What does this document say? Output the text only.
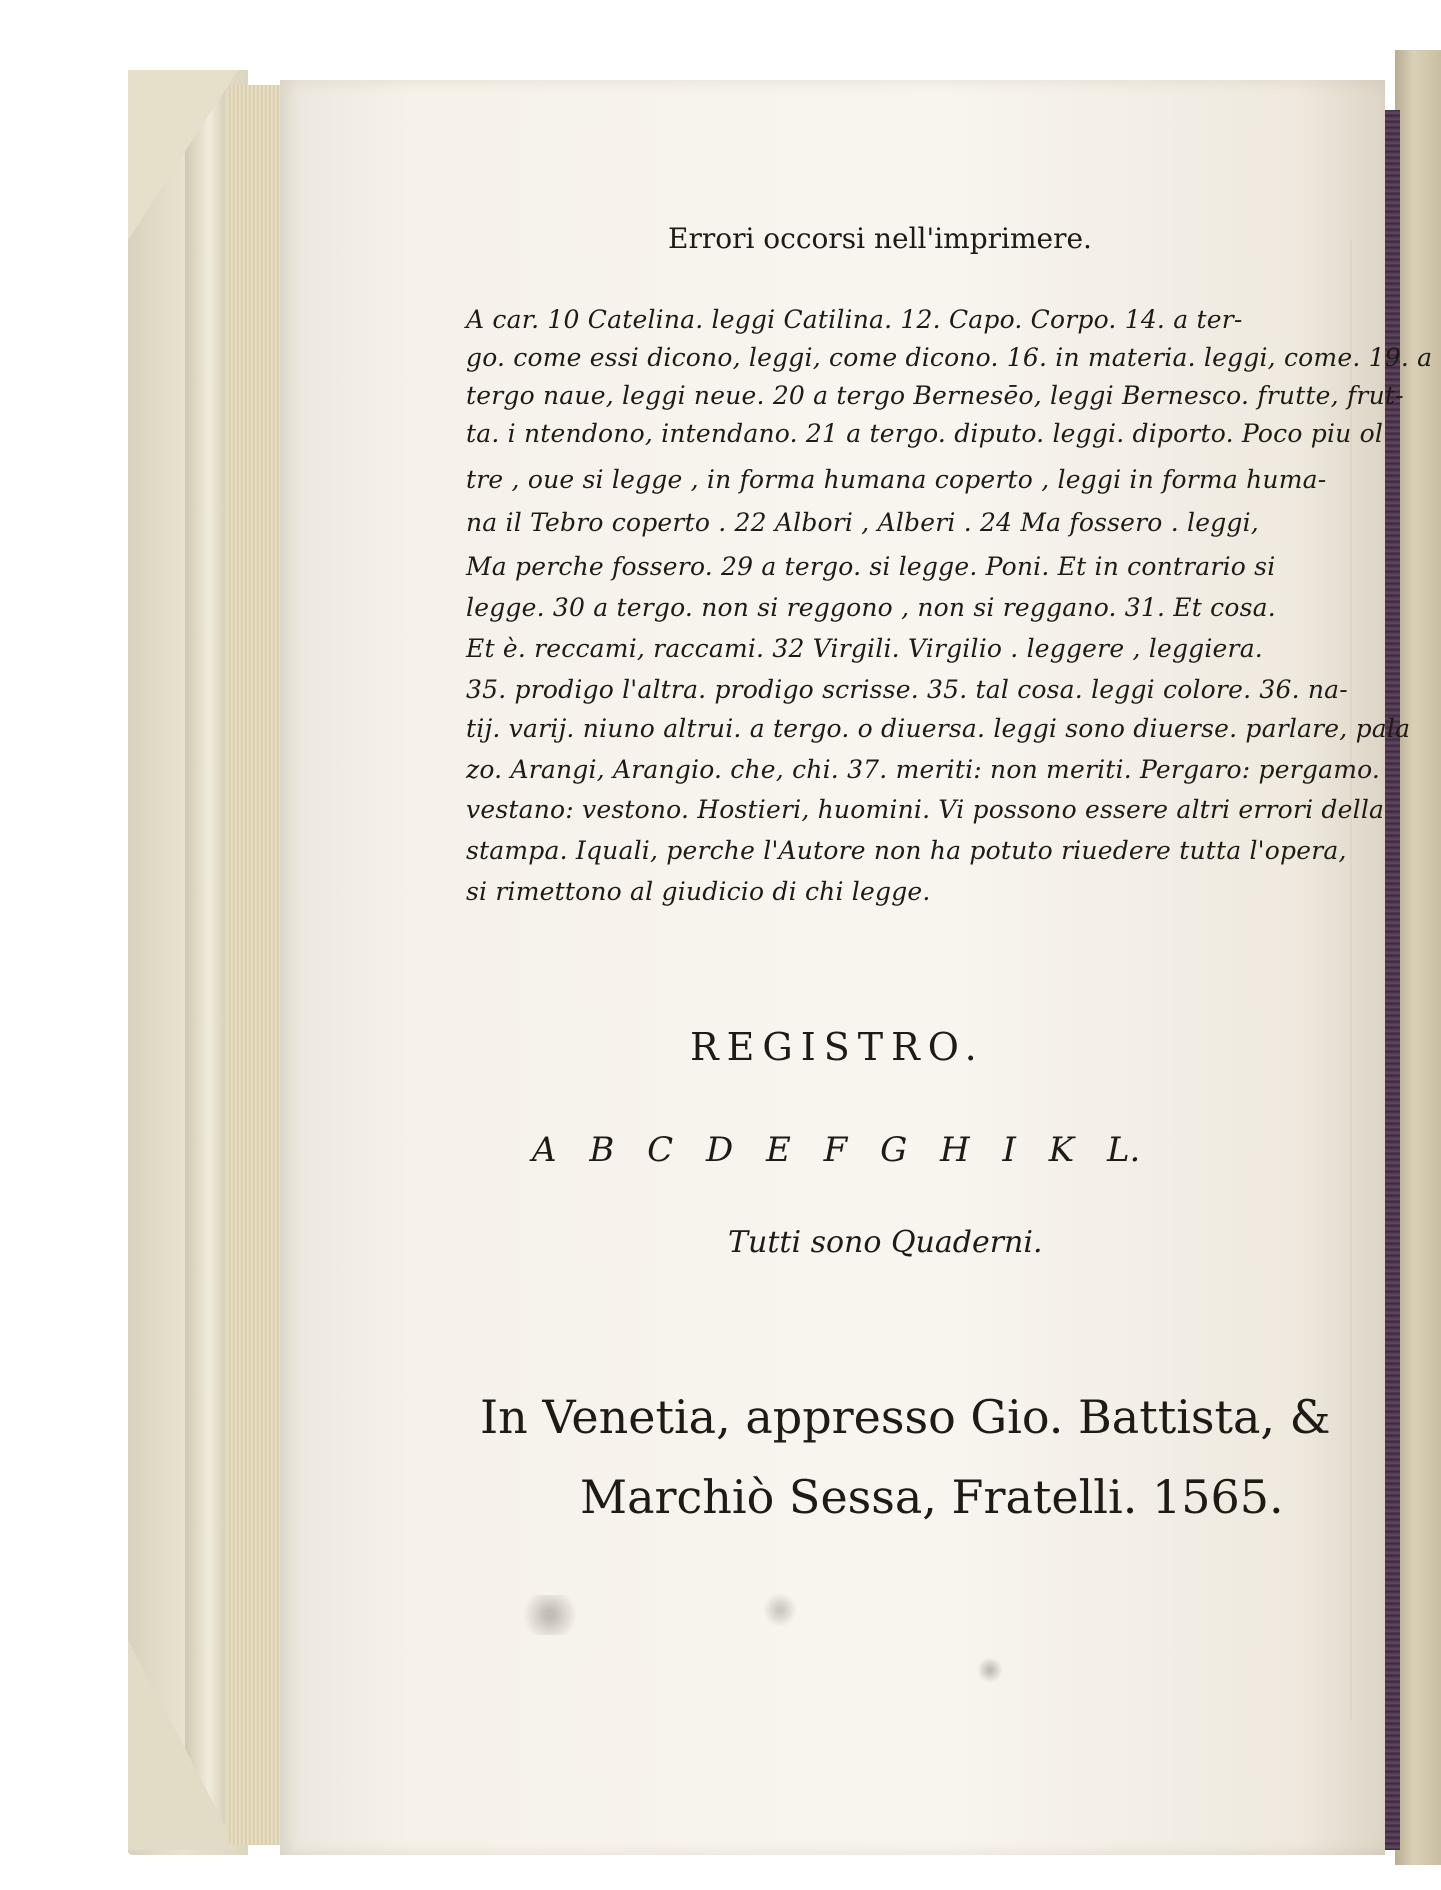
Errori occorsi nell'imprimere.
A car. 10 Catelina. leggi Catilina. 12. Capo. Corpo. 14. a ter-
go. come essi dicono, leggi, come dicono. 16. in materia. leggi, come. 19. a
tergo naue, leggi neue. 20 a tergo Bernesēo, leggi Bernesco. frutte, frut-
ta. i ntendono, intendano. 21 a tergo. diputo. leggi. diporto. Poco piu ol
tre , oue si legge , in forma humana coperto , leggi in forma huma-
na il Tebro coperto . 22 Albori , Alberi . 24 Ma fossero . leggi,
Ma perche fossero. 29 a tergo. si legge. Poni. Et in contrario si
legge. 30 a tergo. non si reggono , non si reggano. 31. Et cosa.
Et è. reccami, raccami. 32 Virgili. Virgilio . leggere , leggiera.
35. prodigo l'altra. prodigo scrisse. 35. tal cosa. leggi colore. 36. na-
tij. varij. niuno altrui. a tergo. o diuersa. leggi sono diuerse. parlare, pala
zo. Arangi, Arangio. che, chi. 37. meriti: non meriti. Pergaro: pergamo.
vestano: vestono. Hostieri, huomini. Vi possono essere altri errori della
stampa. Iquali, perche l'Autore non ha potuto riuedere tutta l'opera,
si rimettono al giudicio di chi legge.
REGISTRO.
A B C D E F G H I K L.
Tutti sono Quaderni.
In Venetia, appresso Gio. Battista, &
Marchiò Sessa, Fratelli. 1565.
